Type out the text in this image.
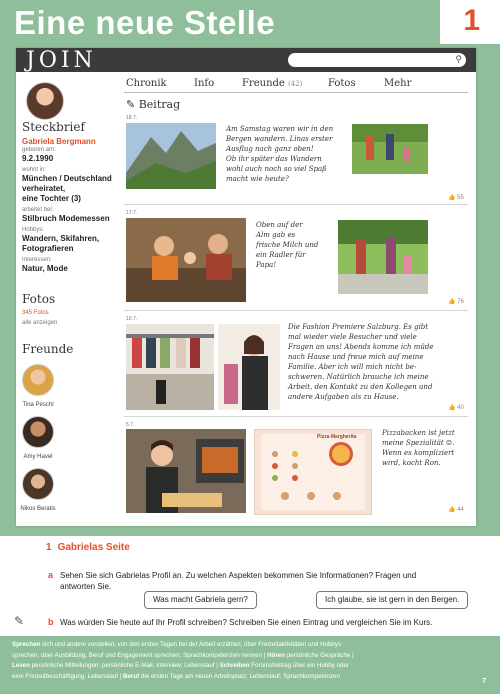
Eine neue Stelle	1
JOIN	⚲
Steckbrief
Gabriela Bergmann
geboren am:
9.2.1990
wohnt in:
München / Deutschland
verheiratet,
eine Tochter (3)
arbeitet bei:
Stilbruch Modemessen
Hobbys:
Wandern, Skifahren,
Fotografieren
Interessen:
Natur, Mode
Fotos
345 Fotos
alle anzeigen
Freunde
Tina Peschl
Amy Havel
Nikos Beratis
Chronik	Info	Freunde (42)	Fotos	Mehr
✎ Beitrag
18.7.
Am Samstag waren wir in den
Bergen wandern. Linas erster
Ausflug nach ganz oben!
Ob ihr später das Wandern
wohl auch noch so viel Spaß
macht wie heute?
👍 55
17.7.
Oben auf der
Alm gab es
frische Milch und
ein Radler für
Papa!
👍 76
10.7.
Die Fashion Premiere Salzburg. Es gibt
mal wieder viele Besucher und viele
Fragen an uns! Abends komme ich müde
nach Hause und freue mich auf meine
Familie. Aber ich will mich nicht be-
schweren. Natürlich brauche ich meine
Arbeit, den Kontakt zu den Kollegen und
andere Aufgaben als zu Hause.
👍 40
5.7.
Pizza Margherita	Pizzabacken ist jetzt
meine Spezialität ☺.
Wenn es kompliziert
wird, kocht Ron.
👍 44
1 Gabrielas Seite
a Sehen Sie sich Gabrielas Profil an. Zu welchen Aspekten bekommen Sie Informationen? Fragen und
antworten Sie.
Was macht Gabriela gern?	Ich glaube, sie ist gern in den Bergen.
✎	b Was würden Sie heute auf Ihr Profil schreiben? Schreiben Sie einen Eintrag und vergleichen Sie im Kurs.
Sprechen sich und andere vorstellen; von den ersten Tagen bei der Arbeit erzählen; über Freizeitaktivitäten und Hobbys
sprechen; über Ausbildung, Beruf und Engagement sprechen; Sprachkompetenzen nennen | Hören persönliche Gespräche |
Lesen persönliche Mitteilungen; persönliche E-Mail; Interview; Lebenslauf | Schreiben Forumsbeitrag über ein Hobby oder
eine Freizeitbeschäftigung; Lebenslauf | Beruf die ersten Tage am neuen Arbeitsplatz; Lebenslauf; Sprachkompetenzen
7
